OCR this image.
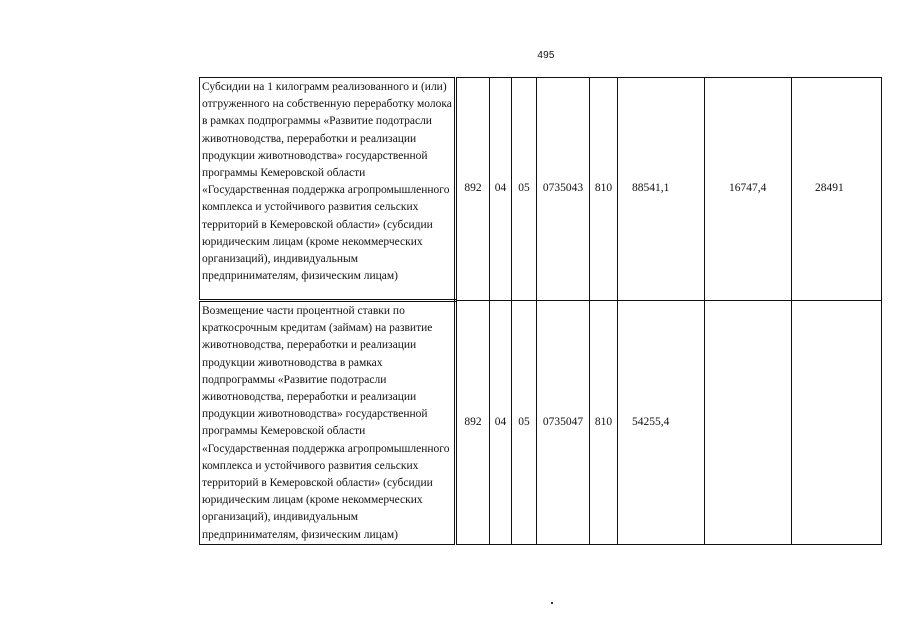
495
Субсидии на 1 килограмм реализованного и (или) отгруженного на собственную переработку молока в рамках подпрограммы «Развитие подотрасли животноводства, переработки и реализации продукции животноводства» государственной программы Кемеровской области «Государственная поддержка агропромышленного комплекса и устойчивого развития сельских территорий в Кемеровской области» (субсидии юридическим лицам (кроме некоммерческих организаций), индивидуальным предпринимателям, физическим лицам)	892	04	05	0735043	810	88541,1	16747,4	28491
Возмещение части процентной ставки по краткосрочным кредитам (займам) на развитие животноводства, переработки и реализации продукции животноводства в рамках подпрограммы «Развитие подотрасли животноводства, переработки и реализации продукции животноводства» государственной программы Кемеровской области «Государственная поддержка агропромышленного комплекса и устойчивого развития сельских территорий в Кемеровской области» (субсидии юридическим лицам (кроме некоммерческих организаций), индивидуальным предпринимателям, физическим лицам)	892	04	05	0735047	810	54255,4		
